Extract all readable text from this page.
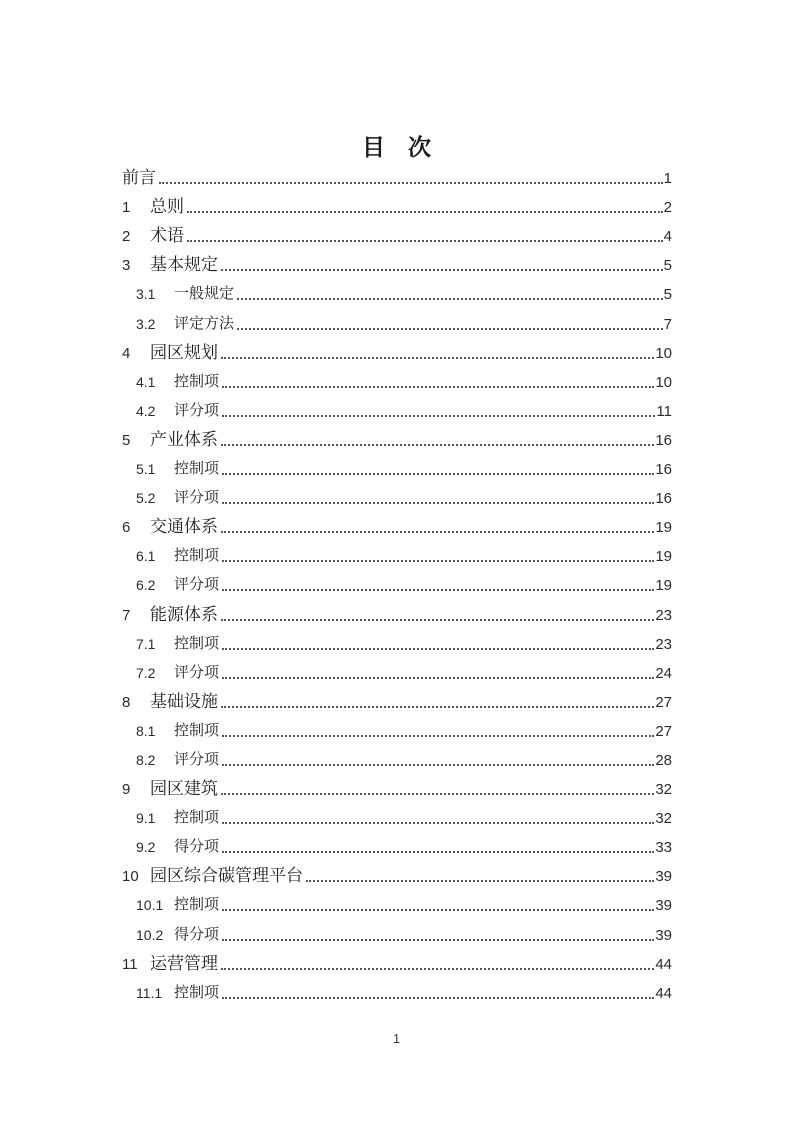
目　次
前言	1
1	总则	2
2	术语	4
3	基本规定	5
3.1	一般规定	5
3.2	评定方法	7
4	园区规划	10
4.1	控制项	10
4.2	评分项	11
5	产业体系	16
5.1	控制项	16
5.2	评分项	16
6	交通体系	19
6.1	控制项	19
6.2	评分项	19
7	能源体系	23
7.1	控制项	23
7.2	评分项	24
8	基础设施	27
8.1	控制项	27
8.2	评分项	28
9	园区建筑	32
9.1	控制项	32
9.2	得分项	33
10 园区综合碳管理平台	39
10.1 控制项	39
10.2 得分项	39
11 运营管理	44
11.1 控制项	44
1
